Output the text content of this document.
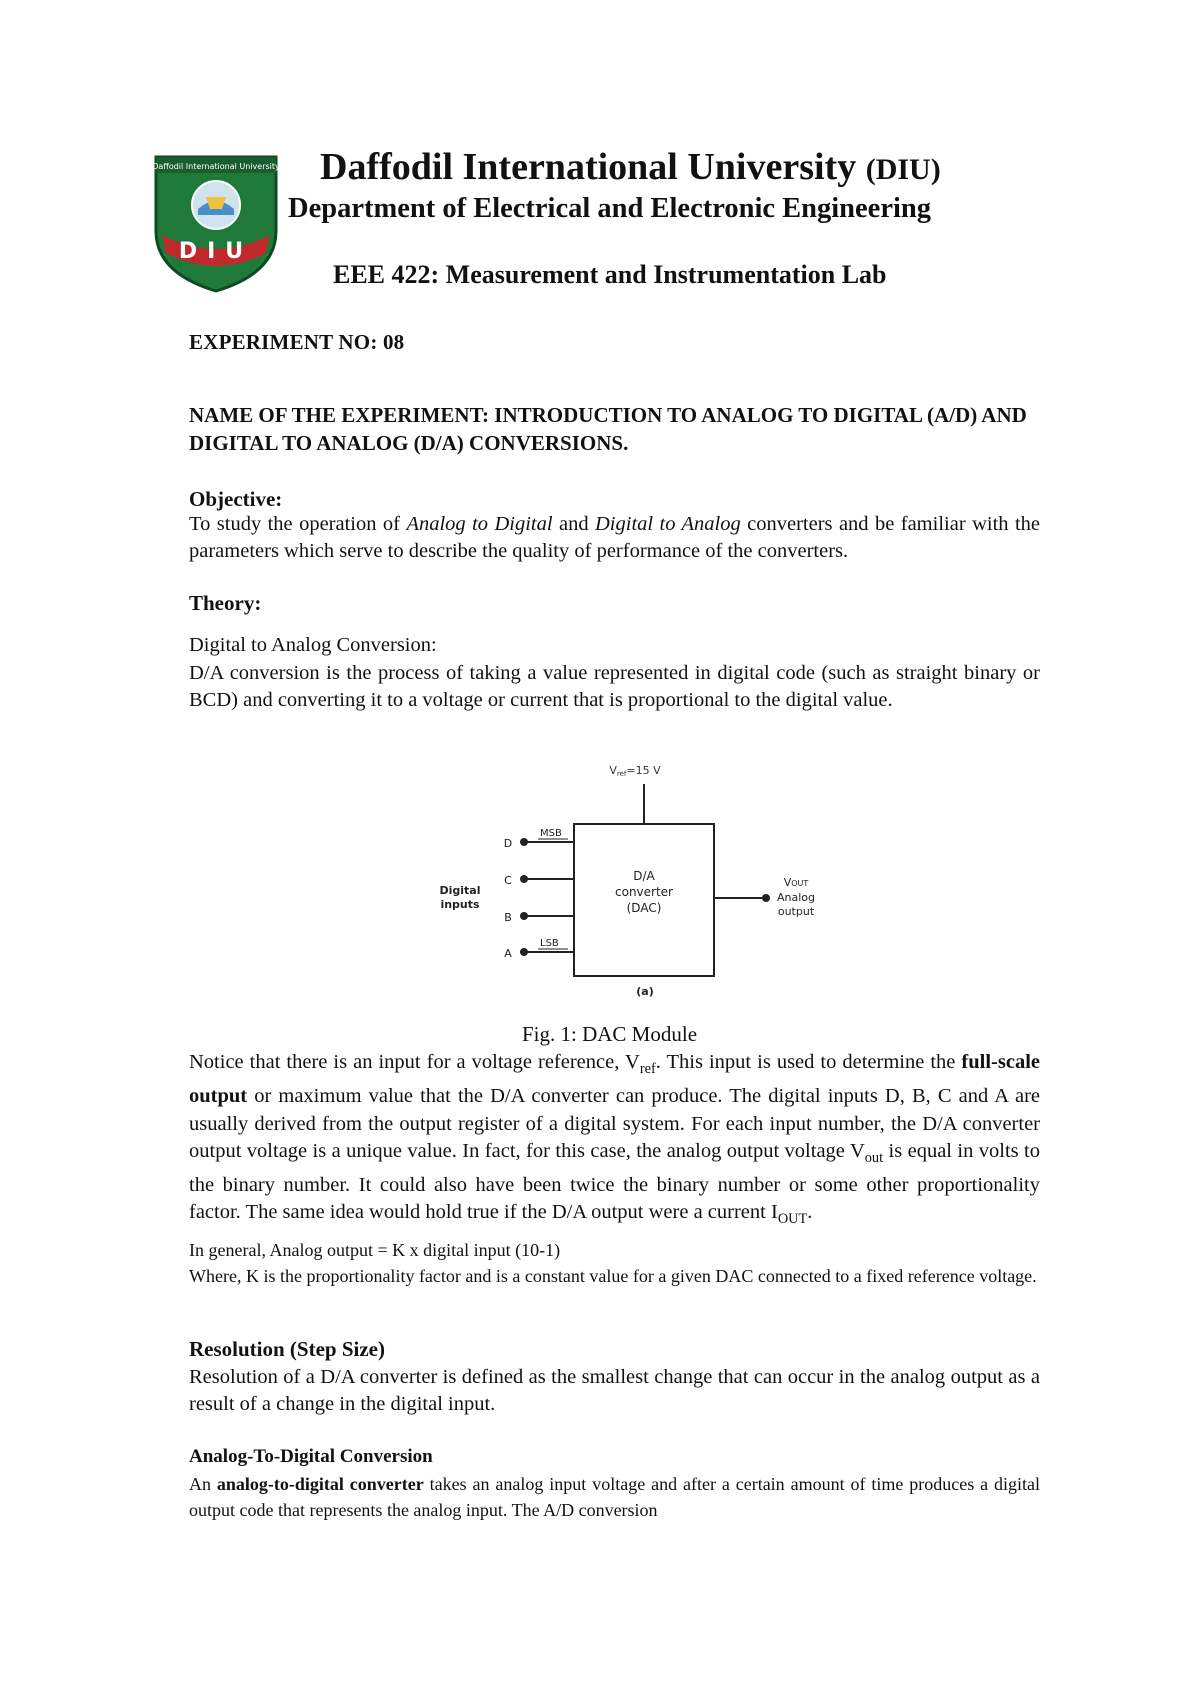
Daffodil International University
DIU
Daffodil International University (DIU)
Department of Electrical and Electronic Engineering
EEE 422: Measurement and Instrumentation Lab
EXPERIMENT NO: 08
NAME OF THE EXPERIMENT: INTRODUCTION TO ANALOG TO DIGITAL (A/D) AND DIGITAL TO ANALOG (D/A) CONVERSIONS.
Objective:
To study the operation of Analog to Digital and Digital to Analog converters and be familiar with the parameters which serve to describe the quality of performance of the converters.
Theory:
Digital to Analog Conversion:
D/A conversion is the process of taking a value represented in digital code (such as straight binary or BCD) and converting it to a voltage or current that is proportional to the digital value.
Vref=15 V
D/A
converter
(DAC)
D
C
B
A
MSB
LSB
Digital
inputs
VOUT
Analog
output
(a)
Fig. 1: DAC Module
Notice that there is an input for a voltage reference, $V_{ref}$. This input is used to determine the full-scale output or maximum value that the D/A converter can produce. The digital inputs D, B, C and A are usually derived from the output register of a digital system. For each input number, the D/A converter output voltage is a unique value. In fact, for this case, the analog output voltage $V_{out}$ is equal in volts to the binary number. It could also have been twice the binary number or some other proportionality factor. The same idea would hold true if the D/A output were a current $I_{OUT}$.
In general, Analog output = K x digital input (10-1)
Where, K is the proportionality factor and is a constant value for a given DAC connected to a fixed reference voltage.
Resolution (Step Size)
Resolution of a D/A converter is defined as the smallest change that can occur in the analog output as a result of a change in the digital input.
Analog-To-Digital Conversion
An analog-to-digital converter takes an analog input voltage and after a certain amount of time produces a digital output code that represents the analog input. The A/D conversion
